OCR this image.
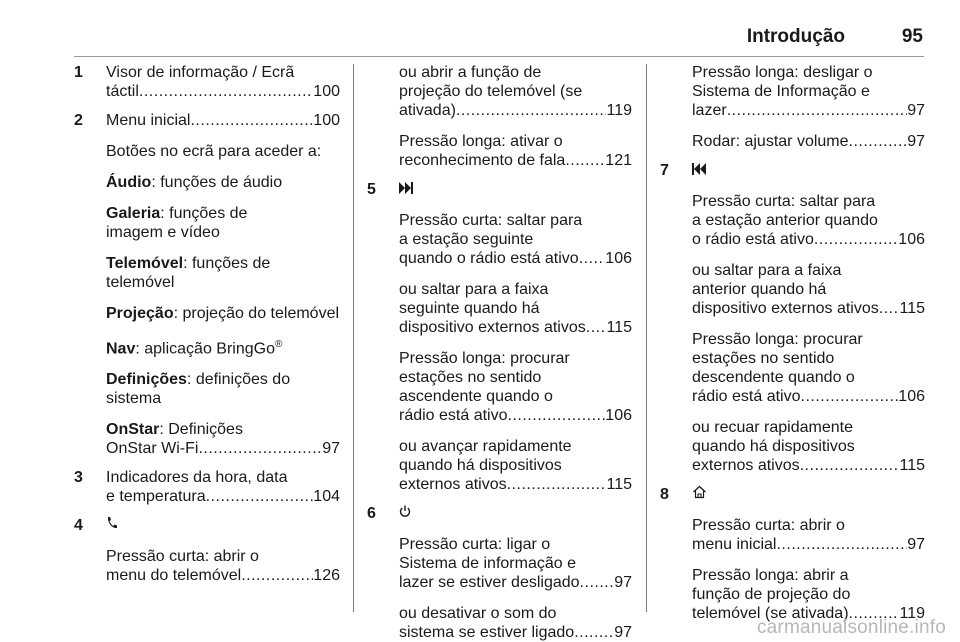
Introdução	95
1 Visor de informação / Ecrã
táctil .....	100
2 Menu inicial .....	100
Botões no ecrã para aceder a:
Áudio: funções de áudio
Galeria: funções de
imagem e vídeo
Telemóvel: funções de telemóvel
Projeção: projeção do telemóvel
Nav: aplicação BringGo®
Definições: definições do
sistema
OnStar: Definições
OnStar Wi-Fi .....	97
3 Indicadores da hora, data
e temperatura .....	104
4
Pressão curta: abrir o
menu do telemóvel .....	126
ou abrir a função de
projeção do telemóvel (se
ativada) .....	119
Pressão longa: ativar o
reconhecimento de fala ..... 121
5
Pressão curta: saltar para
a estação seguinte
quando o rádio está ativo ..... 106
ou saltar para a faixa
seguinte quando há
dispositivo externos ativos ..... 115
Pressão longa: procurar
estações no sentido
ascendente quando o
rádio está ativo .....	106
ou avançar rapidamente
quando há dispositivos
externos ativos .....	115
6
Pressão curta: ligar o
Sistema de informação e
lazer se estiver desligado ..... 97
ou desativar o som do
sistema se estiver ligado .....	97
Pressão longa: desligar o
Sistema de Informação e
lazer .....	97
Rodar: ajustar volume .....	97
7
Pressão curta: saltar para
a estação anterior quando
o rádio está ativo .....	106
ou saltar para a faixa
anterior quando há
dispositivo externos ativos ..... 115
Pressão longa: procurar
estações no sentido
descendente quando o
rádio está ativo .....	106
ou recuar rapidamente
quando há dispositivos
externos ativos .....	115
8
Pressão curta: abrir o
menu inicial .....	97
Pressão longa: abrir a
função de projeção do
telemóvel (se ativada) .....	119
carmanualsonline.info
